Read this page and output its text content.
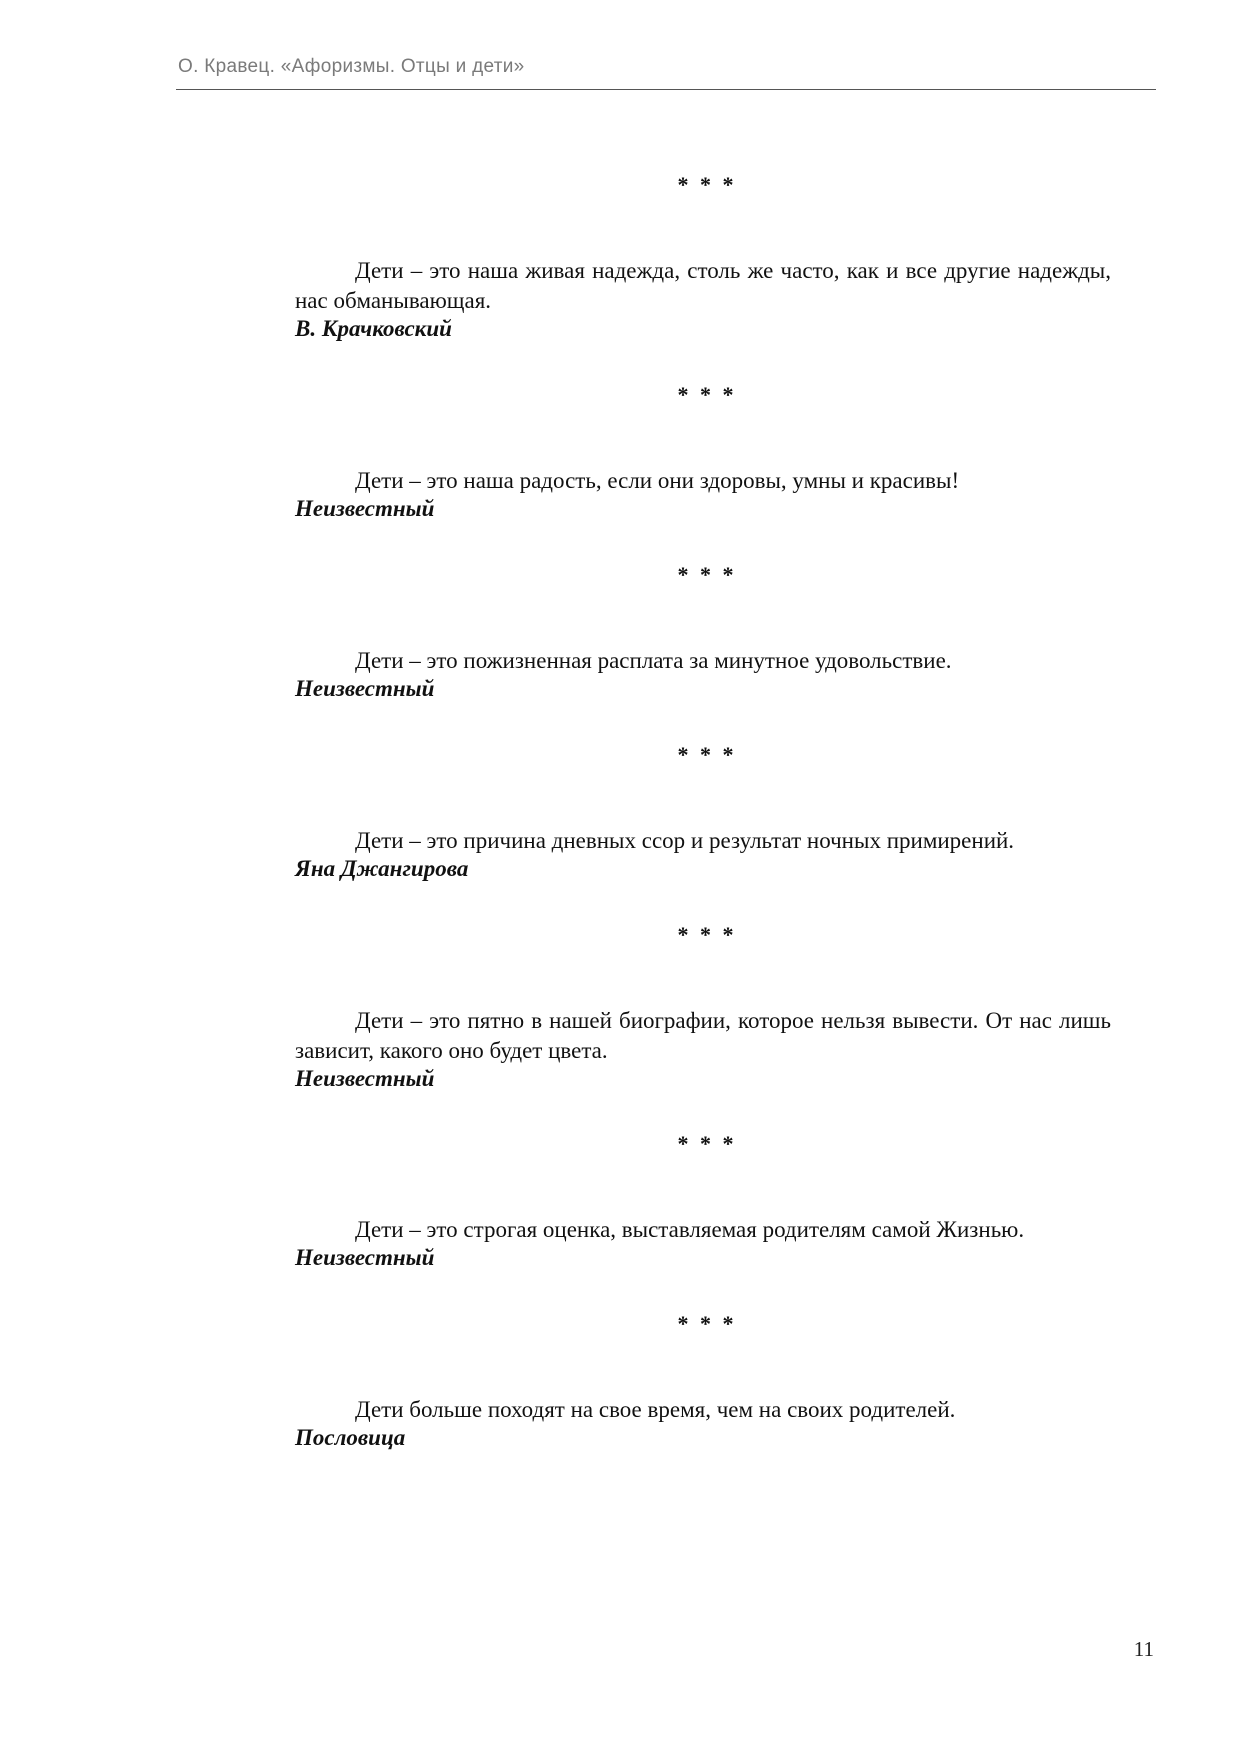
О. Кравец. «Афоризмы. Отцы и дети»
* * *

Дети – это наша живая надежда, столь же часто, как и все другие надежды, нас обманывающая.

В. Крачковский

* * *

Дети – это наша радость, если они здоровы, умны и красивы!

Неизвестный

* * *

Дети – это пожизненная расплата за минутное удовольствие.

Неизвестный

* * *

Дети – это причина дневных ссор и результат ночных примирений.

Яна Джангирова

* * *

Дети – это пятно в нашей биографии, которое нельзя вывести. От нас лишь зависит, какого оно будет цвета.

Неизвестный

* * *

Дети – это строгая оценка, выставляемая родителям самой Жизнью.

Неизвестный

* * *

Дети больше походят на свое время, чем на своих родителей.

Пословица

11
